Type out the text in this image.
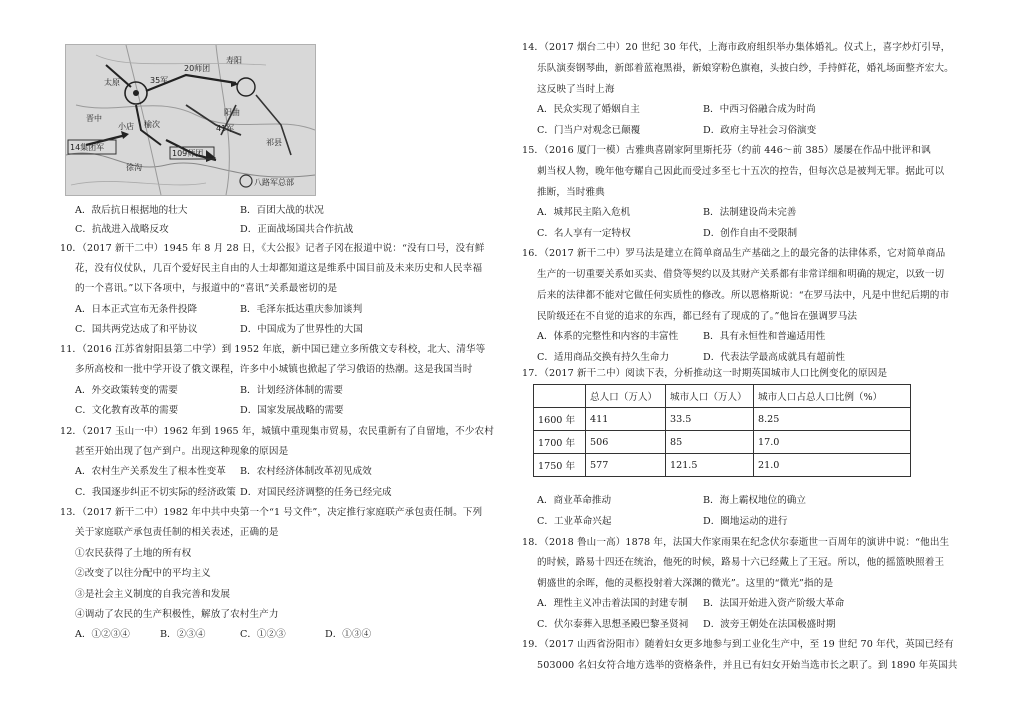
太原	35军
20师团
寿阳
榆次
小店
晋中
14集团军
109师团
阳曲
徐沟
41军
八路军总部
祁县
A．敌后抗日根据地的壮大	B．百团大战的状况
C．抗战进入战略反攻	D．正面战场国共合作抗战
10．（2017 新干二中）1945 年 8 月 28 日，《大公报》记者子冈在报道中说：“没有口号，没有鲜
花，没有仪仗队，几百个爱好民主自由的人士却都知道这是维系中国目前及未来历史和人民幸福
的一个喜讯。”以下各项中，与报道中的“喜讯”关系最密切的是
A．日本正式宣布无条件投降	B．毛泽东抵达重庆参加谈判
C．国共两党达成了和平协议	D．中国成为了世界性的大国
11．（2016 江苏省射阳县第二中学）到 1952 年底，新中国已建立多所俄文专科校，北大、清华等
多所高校和一批中学开设了俄文课程，许多中小城镇也掀起了学习俄语的热潮。这是我国当时
A．外交政策转变的需要	B．计划经济体制的需要
C．文化教育改革的需要	D．国家发展战略的需要
12．（2017 玉山一中）1962 年到 1965 年，城镇中重现集市贸易，农民重新有了自留地，不少农村
甚至开始出现了包产到户。出现这种现象的原因是
A．农村生产关系发生了根本性变革 B．农村经济体制改革初见成效
C．我国逐步纠正不切实际的经济政策 D．对国民经济调整的任务已经完成
13．（2017 新干二中）1982 年中共中央第一个“1 号文件”，决定推行家庭联产承包责任制。下列
关于家庭联产承包责任制的相关表述，正确的是
①农民获得了土地的所有权
②改变了以往分配中的平均主义
③是社会主义制度的自我完善和发展
④调动了农民的生产积极性，解放了农村生产力
A．①②③④	B．②③④	C．①②③	D．①③④
14．（2017 烟台二中）20 世纪 30 年代，上海市政府组织举办集体婚礼。仪式上，喜字炒灯引导，
乐队演奏钢琴曲，新郎着蓝袍黑褂，新娘穿粉色旗袍，头披白纱，手持鲜花，婚礼场面整齐宏大。
这反映了当时上海
A．民众实现了婚姻自主	B．中西习俗融合成为时尚
C．门当户对观念已颠覆	D．政府主导社会习俗演变
15．（2016 厦门一模）古雅典喜剧家阿里斯托芬（约前 446～前 385）屡屡在作品中批评和讽
刺当权人物，晚年他夸耀自己因此而受过多至七十五次的控告，但每次总是被判无罪。据此可以
推断，当时雅典
A．城邦民主陷入危机	B．法制建设尚未完善
C．名人享有一定特权	D．创作自由不受限制
16．（2017 新干二中）罗马法是建立在简单商品生产基础之上的最完备的法律体系，它对简单商品
生产的一切重要关系如买卖、借贷等契约以及其财产关系都有非常详细和明确的规定，以致一切
后来的法律都不能对它做任何实质性的修改。所以恩格斯说：“在罗马法中，凡是中世纪后期的市
民阶级还在不自觉的追求的东西，都已经有了现成的了。”他旨在强调罗马法
A．体系的完整性和内容的丰富性	B．具有永恒性和普遍适用性
C．适用商品交换有持久生命力	D．代表法学最高成就具有超前性
17．（2017 新干二中）阅读下表，分析推动这一时期英国城市人口比例变化的原因是
	总人口（万人）	城市人口（万人）	城市人口占总人口比例（%）
1600 年	411	33.5	8.25
1700 年	506	85	17.0
1750 年	577	121.5	21.0
A．商业革命推动	B．海上霸权地位的确立
C．工业革命兴起	D．圈地运动的进行
18．（2018 鲁山一高）1878 年，法国大作家雨果在纪念伏尔泰逝世一百周年的演讲中说：“他出生
的时候，路易十四还在统治，他死的时候，路易十六已经戴上了王冠。所以，他的摇篮映照着王
朝盛世的余晖，他的灵柩投射着大深渊的微光”。这里的“微光”指的是
A．理性主义冲击着法国的封建专制 B．法国开始进入资产阶级大革命
C．伏尔泰葬入思想圣殿巴黎圣贤祠 D．波旁王朝处在法国极盛时期
19．（2017 山西省汾阳市）随着妇女更多地参与到工业化生产中，至 19 世纪 70 年代，英国已经有
503000 名妇女符合地方选举的资格条件，并且已有妇女开始当选市长之职了。到 1890 年英国共
